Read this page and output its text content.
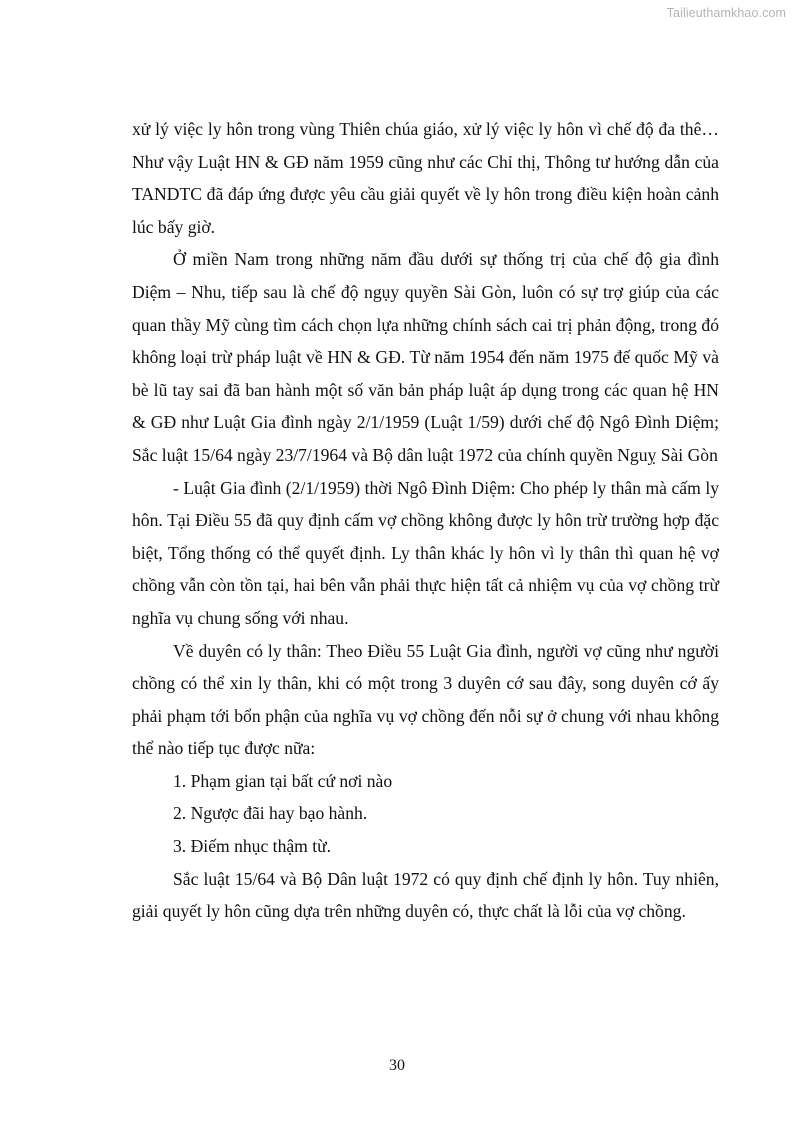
Tailieuthamkhao.com

xử lý việc ly hôn trong vùng Thiên chúa giáo, xử lý việc ly hôn vì chế độ đa thê… Như vậy Luật HN & GĐ năm 1959 cũng như các Chỉ thị, Thông tư hướng dẫn của TANDTC đã đáp ứng được yêu cầu giải quyết về ly hôn trong điều kiện hoàn cảnh lúc bấy giờ.

Ở miền Nam trong những năm đầu dưới sự thống trị của chế độ gia đình Diệm – Nhu, tiếp sau là chế độ ngụy quyền Sài Gòn, luôn có sự trợ giúp của các quan thầy Mỹ cùng tìm cách chọn lựa những chính sách cai trị phản động, trong đó không loại trừ pháp luật về HN & GĐ. Từ năm 1954 đến năm 1975 đế quốc Mỹ và bè lũ tay sai đã ban hành một số văn bản pháp luật áp dụng trong các quan hệ HN & GĐ như Luật Gia đình ngày 2/1/1959 (Luật 1/59) dưới chế độ Ngô Đình Diệm; Sắc luật 15/64 ngày 23/7/1964 và Bộ dân luật 1972 của chính quyền Nguỵ Sài Gòn

- Luật Gia đình (2/1/1959) thời Ngô Đình Diệm: Cho phép ly thân mà cấm ly hôn. Tại Điều 55 đã quy định cấm vợ chồng không được ly hôn trừ trường hợp đặc biệt, Tổng thống có thể quyết định. Ly thân khác ly hôn vì ly thân thì quan hệ vợ chồng vẫn còn tồn tại, hai bên vẫn phải thực hiện tất cả nhiệm vụ của vợ chồng trừ nghĩa vụ chung sống với nhau.

Về duyên có ly thân: Theo Điều 55 Luật Gia đình, người vợ cũng như người chồng có thể xin ly thân, khi có một trong 3 duyên cớ sau đây, song duyên cớ ấy phải phạm tới bổn phận của nghĩa vụ vợ chồng đến nỗi sự ở chung với nhau không thể nào tiếp tục được nữa:

1. Phạm gian tại bất cứ nơi nào

2. Ngược đãi hay bạo hành.

3. Điếm nhục thậm từ.

Sắc luật 15/64 và Bộ Dân luật 1972 có quy định chế định ly hôn. Tuy nhiên, giải quyết ly hôn cũng dựa trên những duyên có, thực chất là lỗi của vợ chồng.

30
